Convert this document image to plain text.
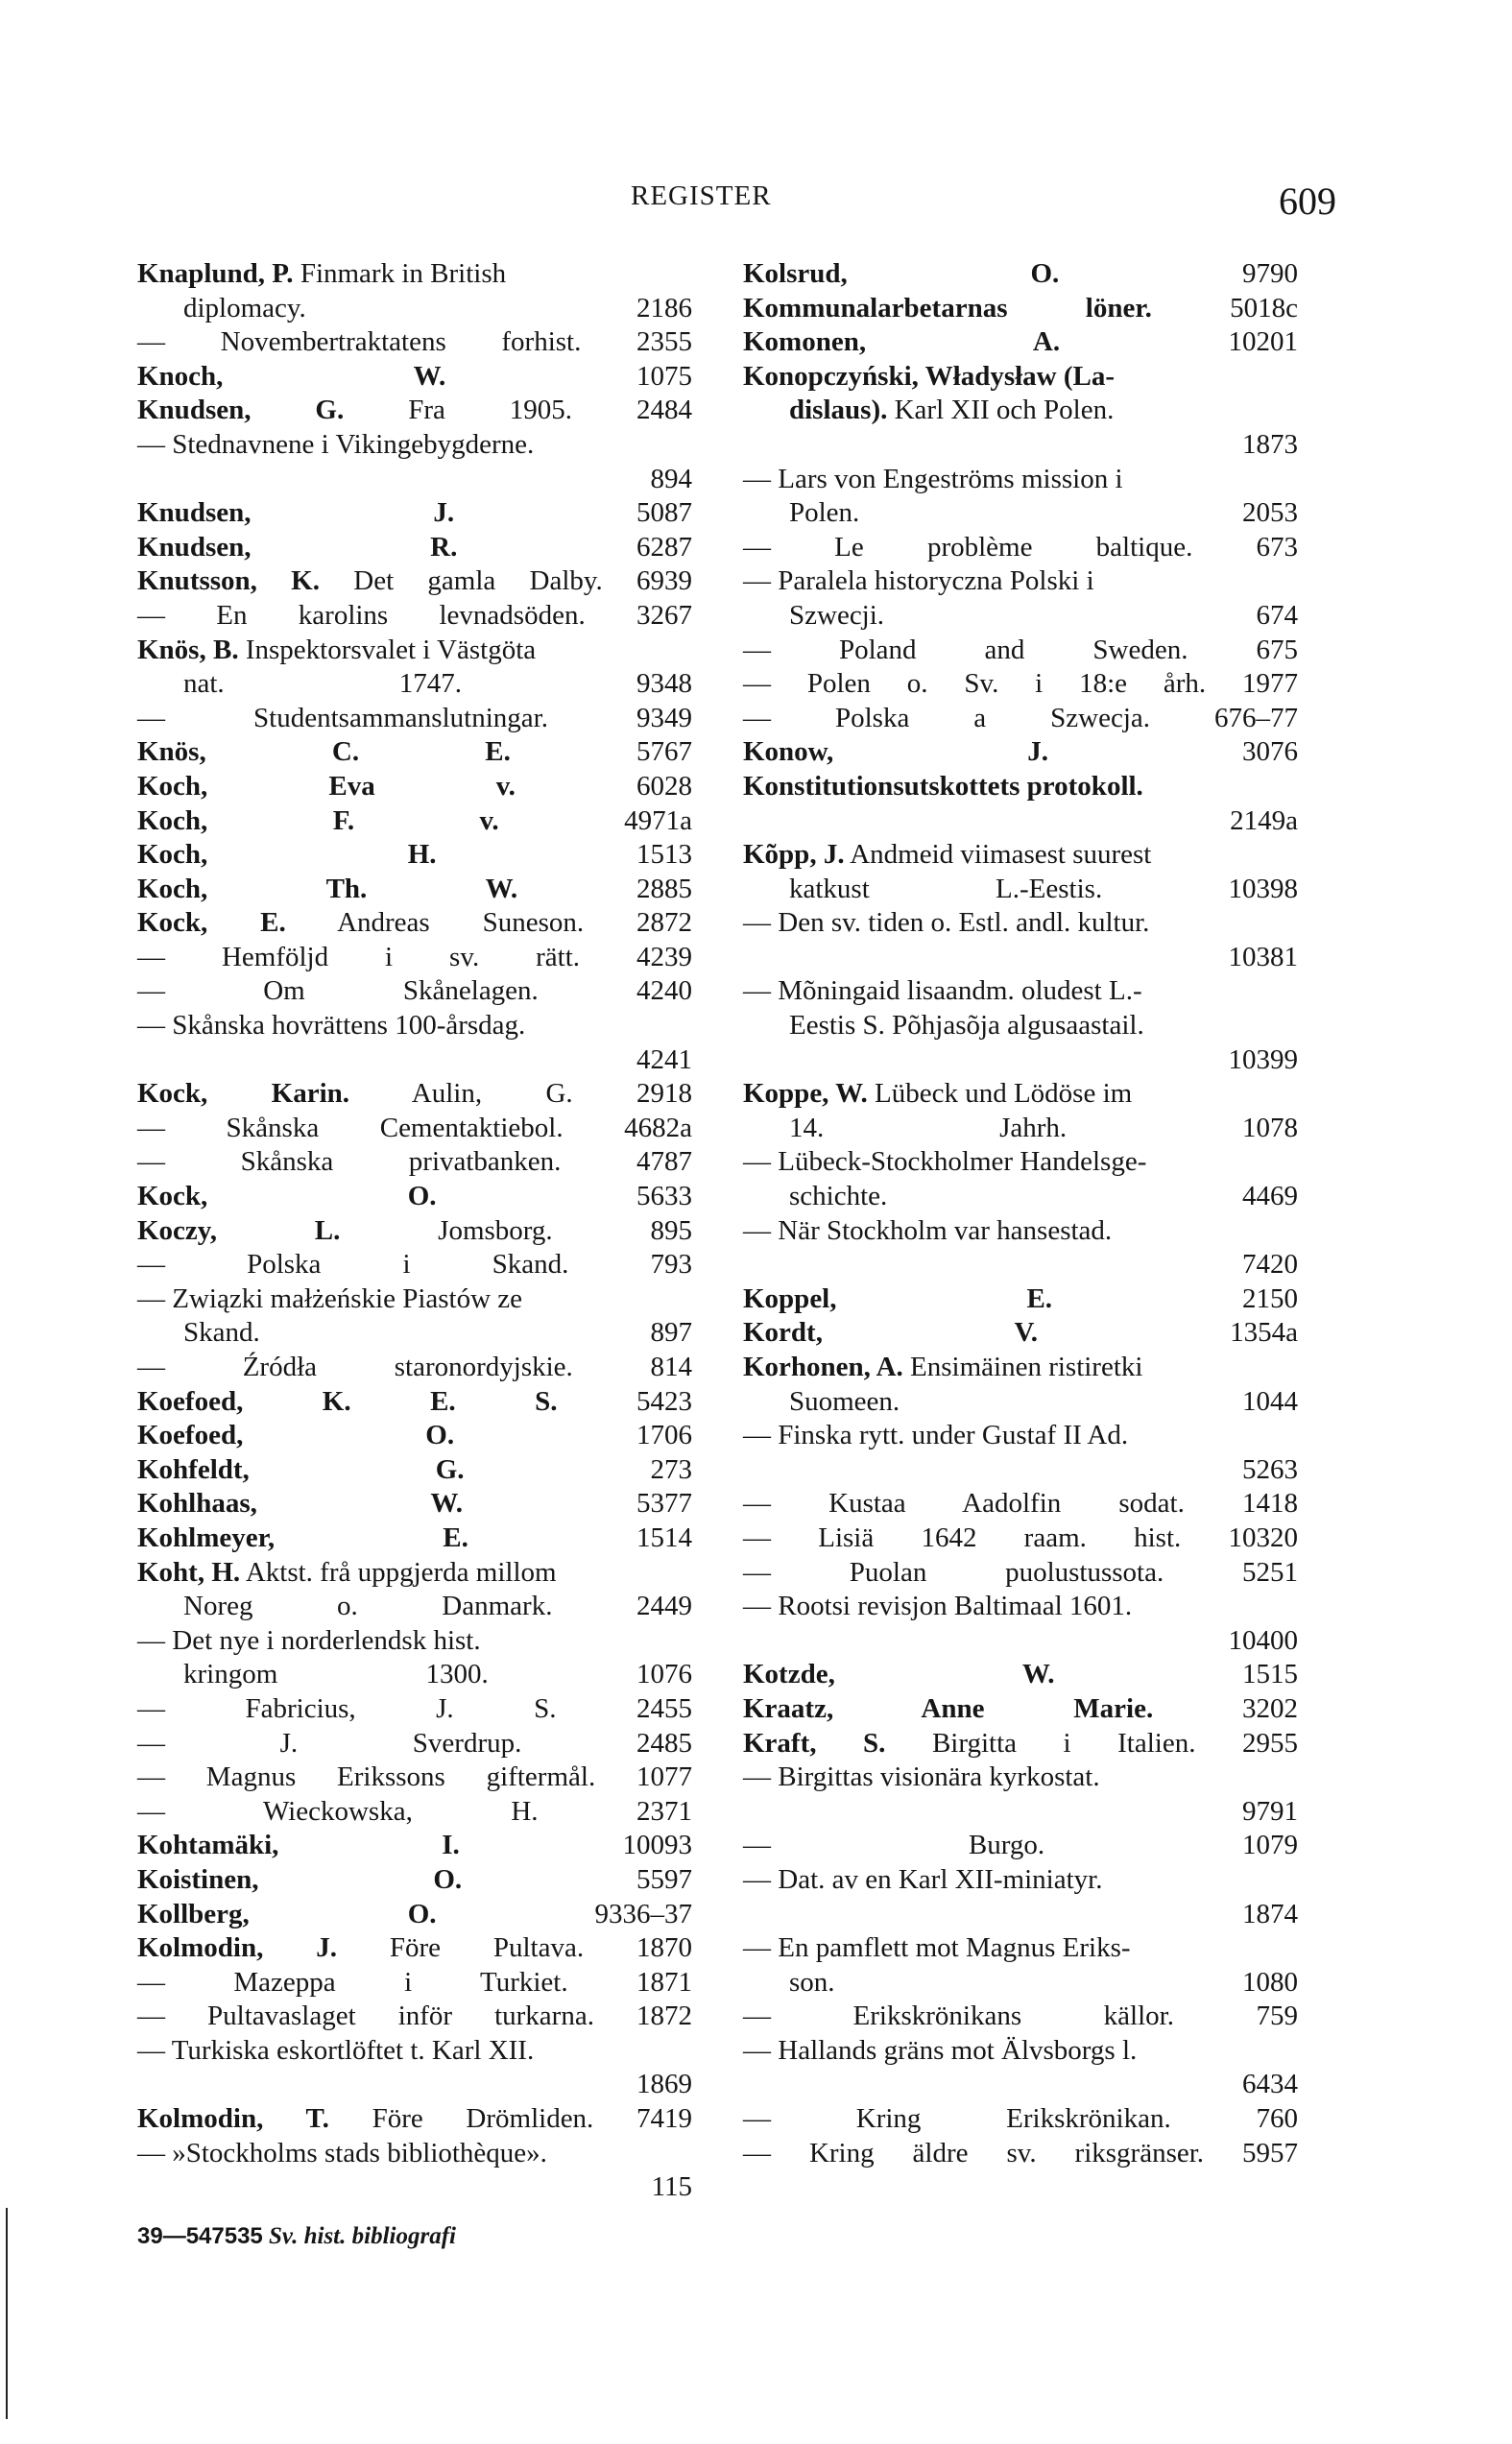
REGISTER	609
Knaplund, P. Finmark in British
diplomacy.	2186
— Novembertraktatens forhist. 2355
Knoch, W.	1075
Knudsen, G. Fra 1905. 2484
— Stednavnene i Vikingebygderne.
894
Knudsen, J.	5087
Knudsen, R.	6287
Knutsson, K. Det gamla Dalby. 6939
— En karolins levnadsöden. 3267
Knös, B. Inspektorsvalet i Västgöta
nat. 1747.	9348
— Studentsammanslutningar.	9349
Knös, C. E.	5767
Koch, Eva v.	6028
Koch, F. v.	4971a
Koch, H.	1513
Koch, Th. W.	2885
Kock, E. Andreas Suneson. 2872
— Hemföljd i sv. rätt. 4239
— Om Skånelagen.	4240
— Skånska hovrättens 100-årsdag.
4241
Kock, Karin. Aulin, G. 2918
— Skånska Cementaktiebol. 4682a
— Skånska privatbanken.	4787
Kock, O.	5633
Koczy, L.	Jomsborg.	895
— Polska i Skand.	793
— Związki małżeńskie Piastów ze
Skand.	897
— Źródła staronordyjskie.	814
Koefoed, K. E. S.	5423
Koefoed, O.	1706
Kohfeldt, G.	273
Kohlhaas, W.	5377
Kohlmeyer, E.	1514
Koht, H. Aktst. frå uppgjerda millom
Noreg o. Danmark.	2449
— Det nye i norderlendsk hist.
kringom 1300.	1076
— Fabricius, J. S.	2455
— J. Sverdrup.	2485
— Magnus Erikssons giftermål. 1077
— Wieckowska, H.	2371
Kohtamäki, I.	10093
Koistinen, O.	5597
Kollberg, O.	9336–37
Kolmodin, J. Före Pultava. 1870
— Mazeppa i Turkiet. 1871
— Pultavaslaget inför turkarna. 1872
— Turkiska eskortlöftet t. Karl XII.
1869
Kolmodin, T. Före Drömliden. 7419
— »Stockholms stads bibliothèque».
115
Kolsrud, O.	9790
Kommunalarbetarnas löner.	5018c
Komonen, A.	10201
Konopczyński, Władysław (La-
dislaus). Karl XII och Polen.
1873
— Lars von Engeströms mission i
Polen.	2053
— Le problème baltique. 673
— Paralela historyczna Polski i
Szwecji.	674
— Poland and Sweden. 675
— Polen o. Sv. i 18:e årh. 1977
— Polska a Szwecja. 676–77
Konow, J.	3076
Konstitutionsutskottets protokoll.
2149a
Kõpp, J. Andmeid viimasest suurest
katkust L.-Eestis.	10398
— Den sv. tiden o. Estl. andl. kultur.
10381
— Mõningaid lisaandm. oludest L.-
Eestis S. Põhjasõja algusaastail.
10399
Koppe, W. Lübeck und Lödöse im
14. Jahrh.	1078
— Lübeck-Stockholmer Handelsge-
schichte.	4469
— När Stockholm var hansestad.
7420
Koppel, E.	2150
Kordt, V.	1354a
Korhonen, A. Ensimäinen ristiretki
Suomeen.	1044
— Finska rytt. under Gustaf II Ad.
5263
— Kustaa Aadolfin sodat. 1418
— Lisiä 1642 raam. hist. 10320
— Puolan puolustussota.	5251
— Rootsi revisjon Baltimaal 1601.
10400
Kotzde, W.	1515
Kraatz, Anne Marie.	3202
Kraft, S. Birgitta i Italien. 2955
— Birgittas visionära kyrkostat.
9791
— Burgo.	1079
— Dat. av en Karl XII-miniatyr.
1874
— En pamflett mot Magnus Eriks-
son.	1080
— Erikskrönikans källor.	759
— Hallands gräns mot Älvsborgs l.
6434
— Kring Erikskrönikan.	760
— Kring äldre sv. riksgränser. 5957
39—547535 Sv. hist. bibliografi
